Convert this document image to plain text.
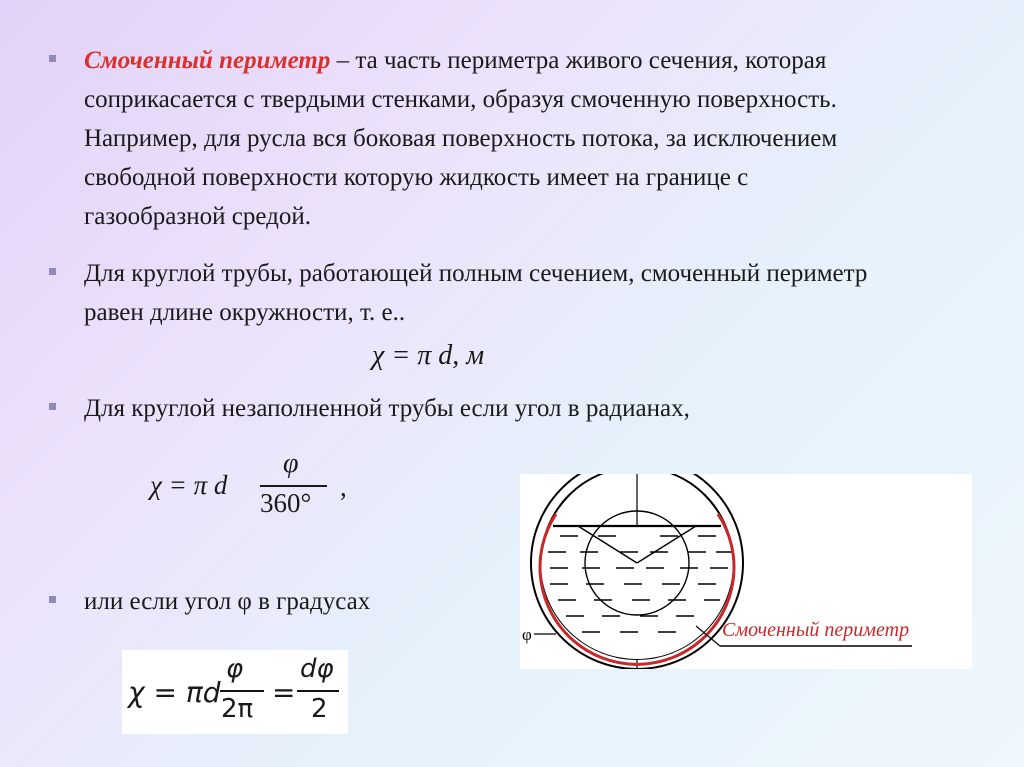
Смоченный периметр – та часть периметра живого сечения, которая
соприкасается с твердыми стенками, образуя смоченную поверхность.
Например, для русла вся боковая поверхность потока, за исключением
свободной поверхности которую жидкость имеет на границе с
газообразной средой.
Для круглой трубы, работающей полным сечением, смоченный периметр
равен длине окружности, т. е..
χ = π d, м
Для круглой незаполненной трубы если угол в радианах,
χ = π d
φ
360°
,
или если угол φ в градусах
χ = πd
φ
2π =
dφ
2
φ	Смоченный периметр
